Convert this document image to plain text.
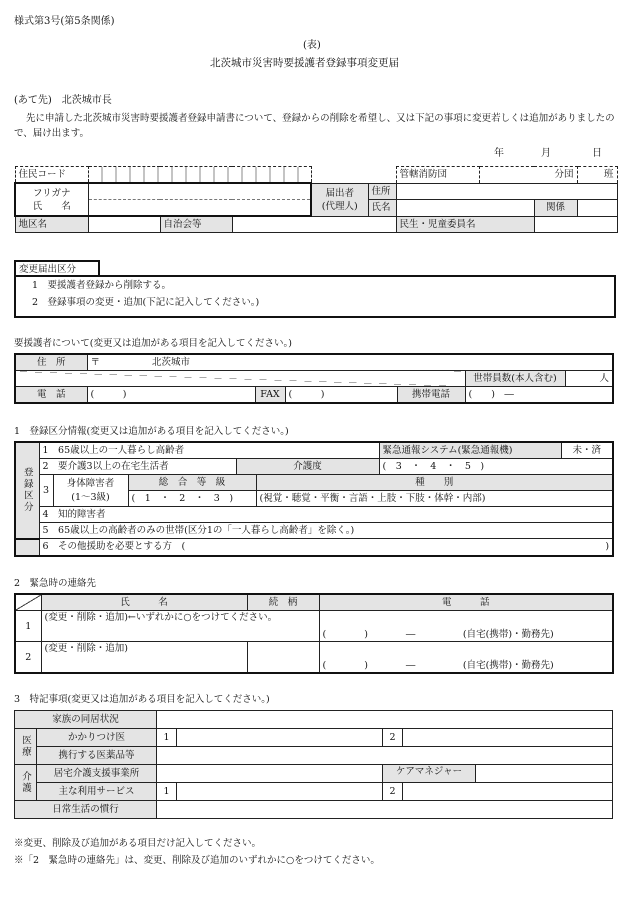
様式第3号(第5条関係)
(表)
北茨城市災害時要援護者登録事項変更届
(あて先)　北茨城市長
先に申請した北茨城市災害時要援護者登録申請書について、登録からの削除を希望し、又は下記の事項に変更若しくは追加がありましたので、届け出ます。
年	月	日
住民コード						管轄消防団	分団		班
フリガナ
氏　　名				届出者
(代理人)	住所				
					氏名			関係	
地区名		自治会等				民生・児童委員名			
変更届出区分
1　要援護者登録から削除する。
2　登録事項の変更・追加(下記に記入してください。)
要援護者について(変更又は追加がある項目を記入してください。)
住　所	〒 北茨城市					
					世帯員数(本人含む)	人
電　話	(　　　)	FAX	(　　　)	携帯電話	(　　)　―	
1　登録区分情報(変更又は追加がある項目を記入してください。)
登録区分	1　65歳以上の一人暮らし高齢者					緊急通報システム(緊急通報機)	未・済
	2　要介護3以上の在宅生活者			介護度		(　3　・　4　・　5　)	
	3	身体障害者
(1～3級)	総　合　等　級		種　　別		
			(　1　・　2　・　3　)		(視覚・聴覚・平衡・言語・上肢・下肢・体幹・内部)		
	4　知的障害者						
	5　65歳以上の高齢者のみの世帯(区分1の「一人暮らし高齢者」を除く。)						
	6　その他援助を必要とする方　( )						
2　緊急時の連絡先
	氏　　　名	続　柄	電　　　話
1	(変更・削除・追加)←いずれかに○をつけてください。		(　　　　)　　　　―　　　　　(自宅(携帯)・勤務先)
2	(変更・削除・追加)		(　　　　)　　　　―　　　　　(自宅(携帯)・勤務先)
3　特記事項(変更又は追加がある項目を記入してください。)
家族の同居状況					
医療	かかりつけ医	1		2	
	携行する医薬品等				
介護	居宅介護支援事業所			ケアマネジャー	

	主な利用サービス	1		2	
日常生活の慣行					
※変更、削除及び追加がある項目だけ記入してください。
※「2　緊急時の連絡先」は、変更、削除及び追加のいずれかに○をつけてください。
